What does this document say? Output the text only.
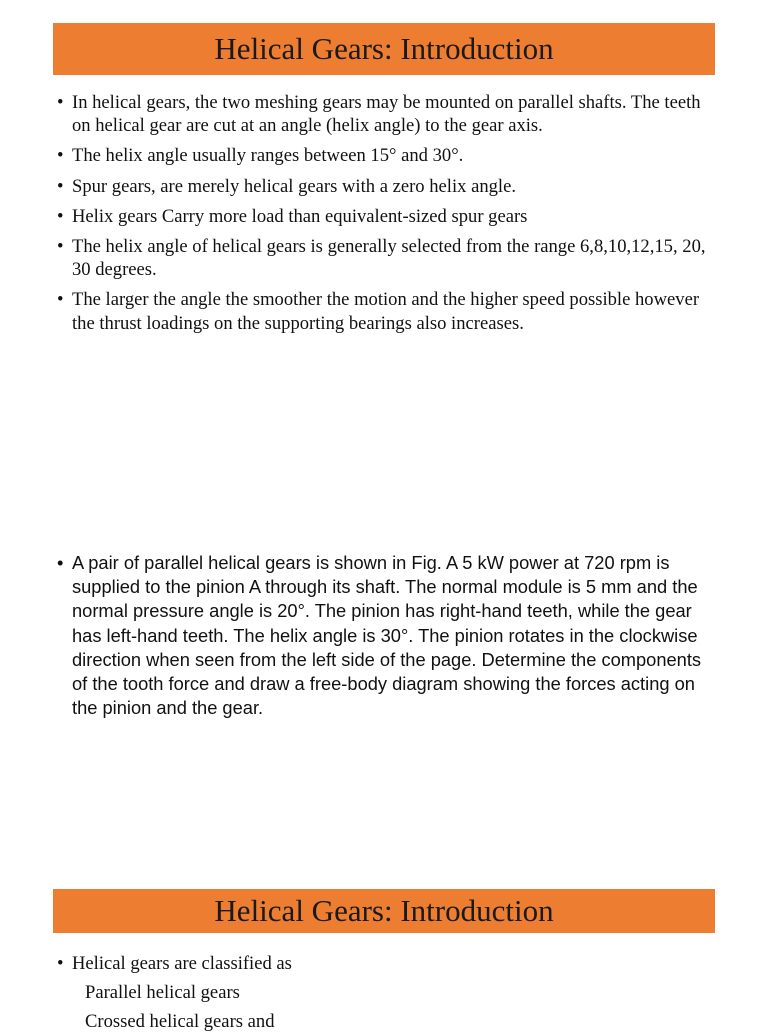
Helical Gears: Introduction
• In helical gears, the two meshing gears may be mounted on parallel shafts. The teeth on helical gear are cut at an angle (helix angle) to the gear axis.
• The helix angle usually ranges between 15° and 30°.
• Spur gears, are merely helical gears with a zero helix angle.
• Helix gears Carry more load than equivalent-sized spur gears
• The helix angle of helical gears is generally selected from the range 6,8,10,12,15, 20, 30 degrees.
• The larger the angle the smoother the motion and the higher speed possible however the thrust loadings on the supporting bearings also increases.
• A pair of parallel helical gears is shown in Fig. A 5 kW power at 720 rpm is supplied to the pinion A through its shaft. The normal module is 5 mm and the normal pressure angle is 20°. The pinion has right-hand teeth, while the gear has left-hand teeth. The helix angle is 30°. The pinion rotates in the clockwise direction when seen from the left side of the page. Determine the components of the tooth force and draw a free-body diagram showing the forces acting on the pinion and the gear.
Helical Gears: Introduction
• Helical gears are classified as
Parallel helical gears
Crossed helical gears and
